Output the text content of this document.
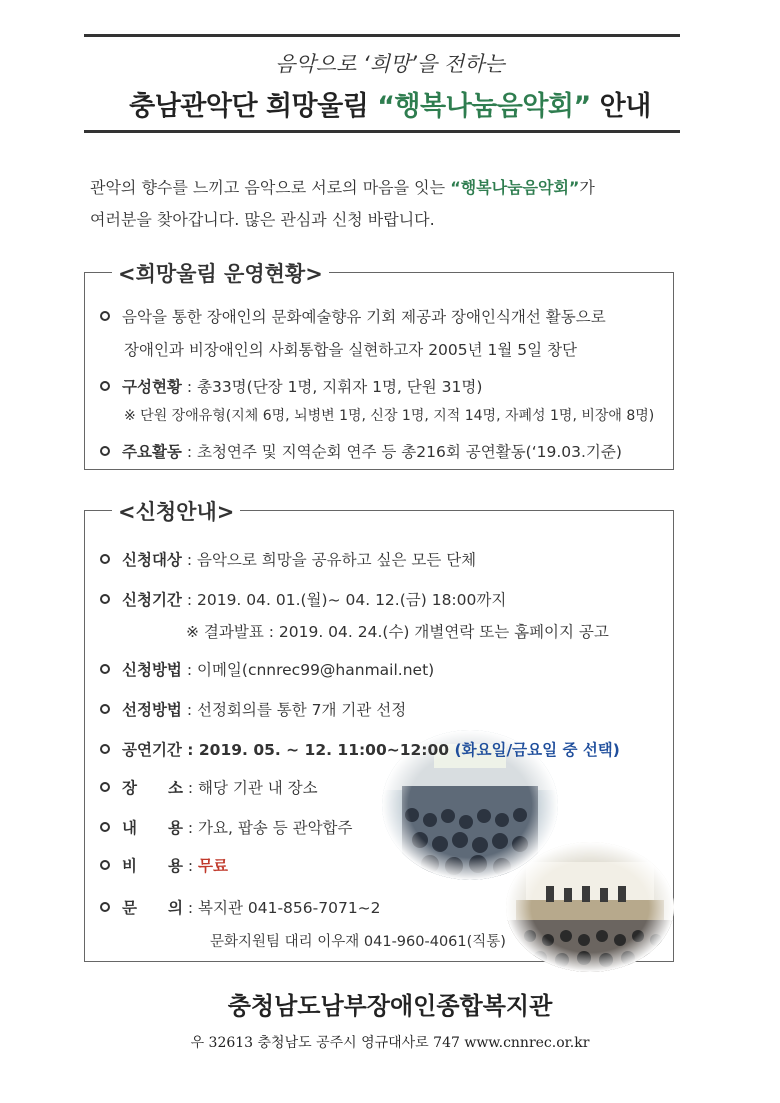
음악으로 ‘희망’을 전하는
충남관악단 희망울림 “행복나눔음악회” 안내
관악의 향수를 느끼고 음악으로 서로의 마음을 잇는 “행복나눔음악회”가
여러분을 찾아갑니다. 많은 관심과 신청 바랍니다.
<희망울림 운영현황>
음악을 통한 장애인의 문화예술향유 기회 제공과 장애인식개선 활동으로
장애인과 비장애인의 사회통합을 실현하고자 2005년 1월 5일 창단
구성현황 : 총33명(단장 1명, 지휘자 1명, 단원 31명)
※ 단원 장애유형(지체 6명, 뇌병변 1명, 신장 1명, 지적 14명, 자폐성 1명, 비장애 8명)
주요활동 : 초청연주 및 지역순회 연주 등 총216회 공연활동(‘19.03.기준)
<신청안내>
신청대상 : 음악으로 희망을 공유하고 싶은 모든 단체
신청기간 : 2019. 04. 01.(월)~ 04. 12.(금) 18:00까지
※ 결과발표 : 2019. 04. 24.(수) 개별연락 또는 홈페이지 공고
신청방법 : 이메일(cnnrec99@hanmail.net)
선정방법 : 선정회의를 통한 7개 기관 선정
공연기간 : 2019. 05. ~ 12. 11:00~12:00 (화요일/금요일 중 선택)
장　　소 : 해당 기관 내 장소
내　　용 : 가요, 팝송 등 관악합주
비　　용 : 무료
문　　의 : 복지관 041-856-7071~2
문화지원팀 대리 이우재 041-960-4061(직통)
충청남도남부장애인종합복지관
우 32613 충청남도 공주시 영규대사로 747 www.cnnrec.or.kr
